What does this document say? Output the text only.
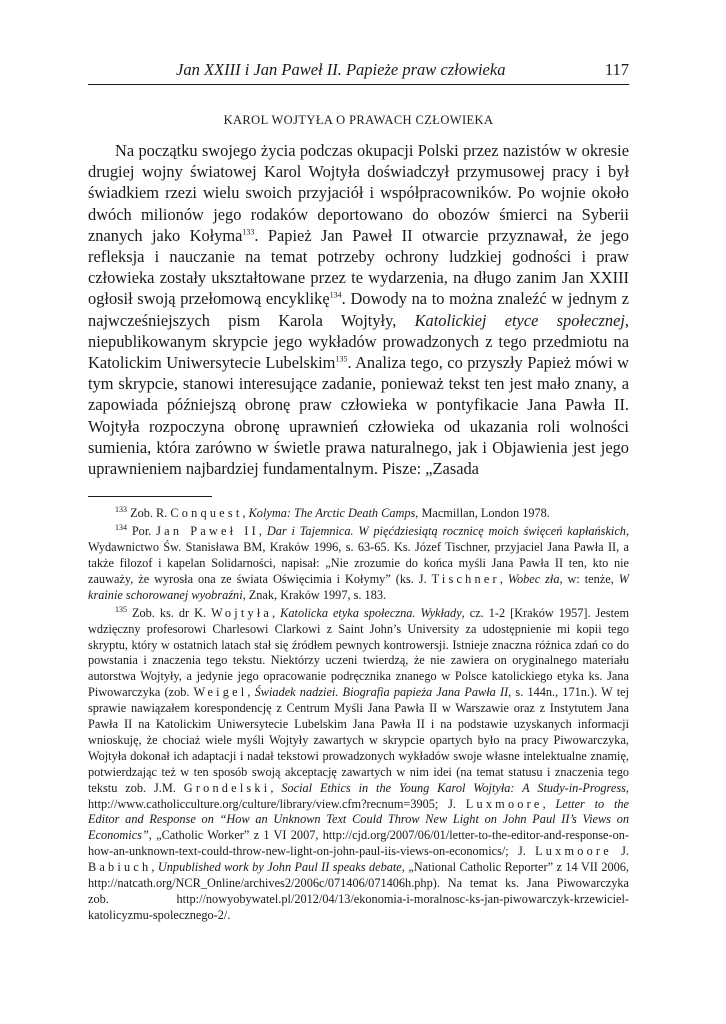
Jan XXIII i Jan Paweł II. Papieże praw człowieka	117
KAROL WOJTYŁA O PRAWACH CZŁOWIEKA

Na początku swojego życia podczas okupacji Polski przez nazistów w okresie drugiej wojny światowej Karol Wojtyła doświadczył przymusowej pracy i był świadkiem rzezi wielu swoich przyjaciół i współpracowników. Po wojnie około dwóch milionów jego rodaków deportowano do obozów śmierci na Syberii znanych jako Kołyma$^{133}$. Papież Jan Paweł II otwarcie przyznawał, że jego refleksja i nauczanie na temat potrzeby ochrony ludzkiej godności i praw człowieka zostały ukształtowane przez te wydarzenia, na długo zanim Jan XXIII ogłosił swoją przełomową encyklikę$^{134}$. Dowody na to można znaleźć w jednym z najwcześniejszych pism Karola Wojtyły, Katolickiej etyce społecznej, niepublikowanym skrypcie jego wykładów prowadzonych z tego przedmiotu na Katolickim Uniwersytecie Lubelskim$^{135}$. Analiza tego, co przyszły Papież mówi w tym skrypcie, stanowi interesujące zadanie, ponieważ tekst ten jest mało znany, a zapowiada późniejszą obronę praw człowieka w pontyfikacie Jana Pawła II. Wojtyła rozpoczyna obronę uprawnień człowieka od ukazania roli wolności sumienia, która zarówno w świetle prawa naturalnego, jak i Objawienia jest jego uprawnieniem najbardziej fundamentalnym. Pisze: „Zasada

$^{133}$ Zob. R. Conquest, Kolyma: The Arctic Death Camps, Macmillan, London 1978.

$^{134}$ Por. Jan Paweł II, Dar i Tajemnica. W pięćdziesiątą rocznicę moich święceń kapłańskich, Wydawnictwo Św. Stanisława BM, Kraków 1996, s. 63-65. Ks. Józef Tischner, przyjaciel Jana Pawła II, a także filozof i kapelan Solidarności, napisał: „Nie zrozumie do końca myśli Jana Pawła II ten, kto nie zauważy, że wyrosła ona ze świata Oświęcimia i Kołymy” (ks. J. Tischner, Wobec zła, w: tenże, W krainie schorowanej wyobraźni, Znak, Kraków 1997, s. 183.

$^{135}$ Zob. ks. dr K. Wojtyła, Katolicka etyka społeczna. Wykłady, cz. 1-2 [Kraków 1957]. Jestem wdzięczny profesorowi Charlesowi Clarkowi z Saint John’s University za udostępnienie mi kopii tego skryptu, który w ostatnich latach stał się źródłem pewnych kontrowersji. Istnieje znaczna różnica zdań co do powstania i znaczenia tego tekstu. Niektórzy uczeni twierdzą, że nie zawiera on oryginalnego materiału autorstwa Wojtyły, a jedynie jego opracowanie podręcznika znanego w Polsce katolickiego etyka ks. Jana Piwowarczyka (zob. Weigel, Świadek nadziei. Biografia papieża Jana Pawła II, s. 144n., 171n.). W tej sprawie nawiązałem korespondencję z Centrum Myśli Jana Pawła II w Warszawie oraz z Instytutem Jana Pawła II na Katolickim Uniwersytecie Lubelskim Jana Pawła II i na podstawie uzyskanych informacji wnioskuję, że chociaż wiele myśli Wojtyły zawartych w skrypcie opartych było na pracy Piwowarczyka, Wojtyła dokonał ich adaptacji i nadał tekstowi prowadzonych wykładów swoje własne intelektualne znamię, potwierdzając też w ten sposób swoją akceptację zawartych w nim idei (na temat statusu i znaczenia tego tekstu zob. J.M. Grondelski, Social Ethics in the Young Karol Wojtyła: A Study-in-Progress, http://www.catholicculture.org/culture/library/view.cfm?recnum=3905; J. Luxmoore, Letter to the Editor and Response on “How an Unknown Text Could Throw New Light on John Paul II’s Views on Economics”, „Catholic Worker” z 1 VI 2007, http://cjd.org/2007/06/01/letter-to-the-editor-and-response-on-how-an-unknown-text-could-throw-new-light-on-john-paul-iis-views-on-economics/; J. Luxmoore J. Babiuch, Unpublished work by John Paul II speaks debate, „National Catholic Reporter” z 14 VII 2006, http://natcath.org/NCR_Online/archives2/2006c/071406/071406h.php). Na temat ks. Jana Piwowarczyka zob. http://nowyobywatel.pl/2012/04/13/ekonomia-i-moralnosc-ks-jan-piwowarczyk-krzewiciel-katolicyzmu-spolecznego-2/.
